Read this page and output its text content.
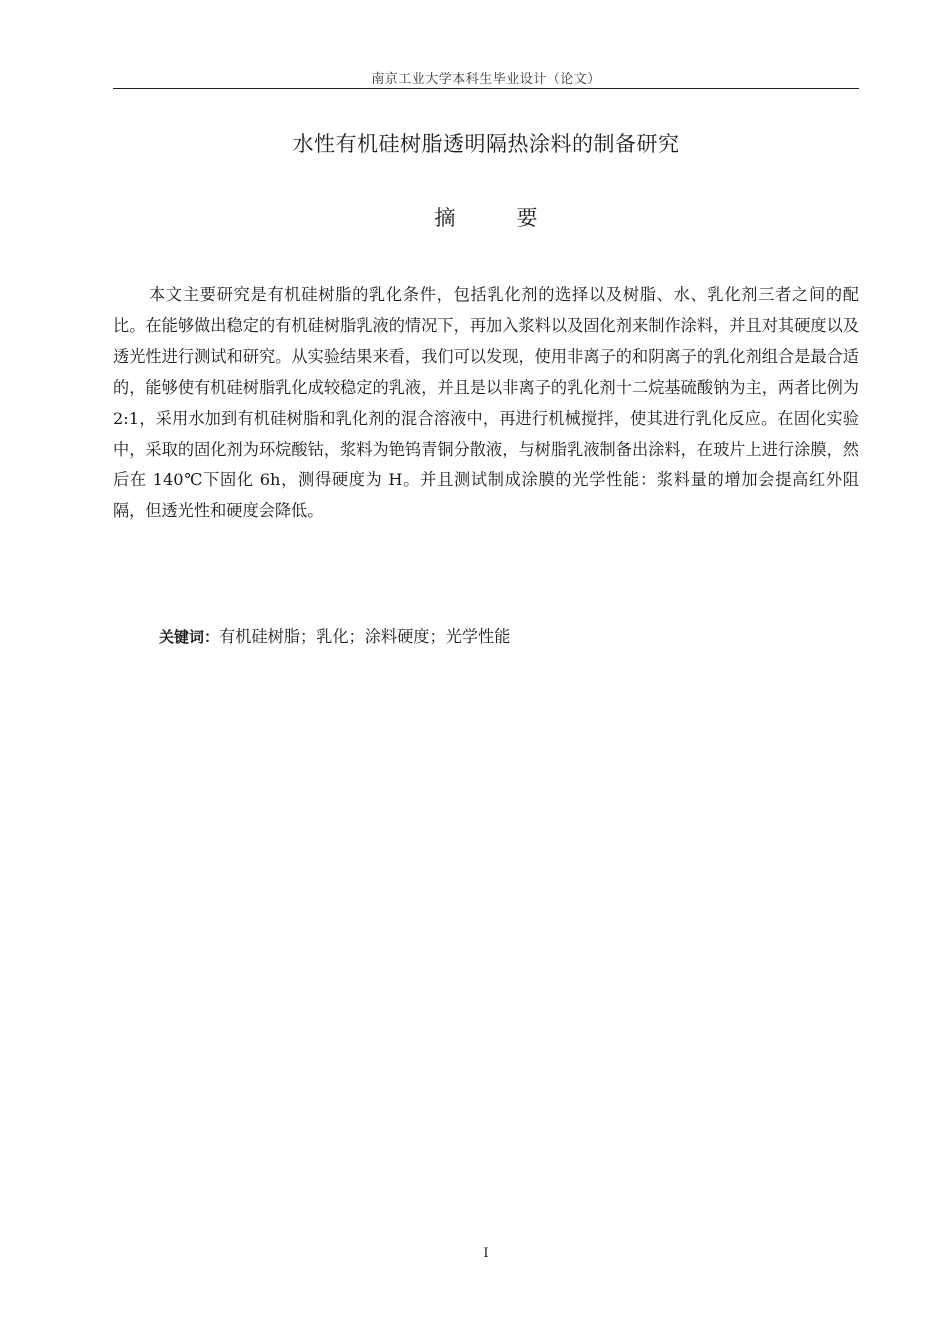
南京工业大学本科生毕业设计（论文）
水性有机硅树脂透明隔热涂料的制备研究
摘　要

本文主要研究是有机硅树脂的乳化条件，包括乳化剂的选择以及树脂、水、乳化剂三者之间的配比。在能够做出稳定的有机硅树脂乳液的情况下，再加入浆料以及固化剂来制作涂料，并且对其硬度以及透光性进行测试和研究。从实验结果来看，我们可以发现，使用非离子的和阴离子的乳化剂组合是最合适的，能够使有机硅树脂乳化成较稳定的乳液，并且是以非离子的乳化剂十二烷基硫酸钠为主，两者比例为 2:1，采用水加到有机硅树脂和乳化剂的混合溶液中，再进行机械搅拌，使其进行乳化反应。在固化实验中，采取的固化剂为环烷酸钴，浆料为铯钨青铜分散液，与树脂乳液制备出涂料，在玻片上进行涂膜，然后在 140℃下固化 6h，测得硬度为 H。并且测试制成涂膜的光学性能：浆料量的增加会提高红外阻隔，但透光性和硬度会降低。

关键词：有机硅树脂；乳化；涂料硬度；光学性能
I
